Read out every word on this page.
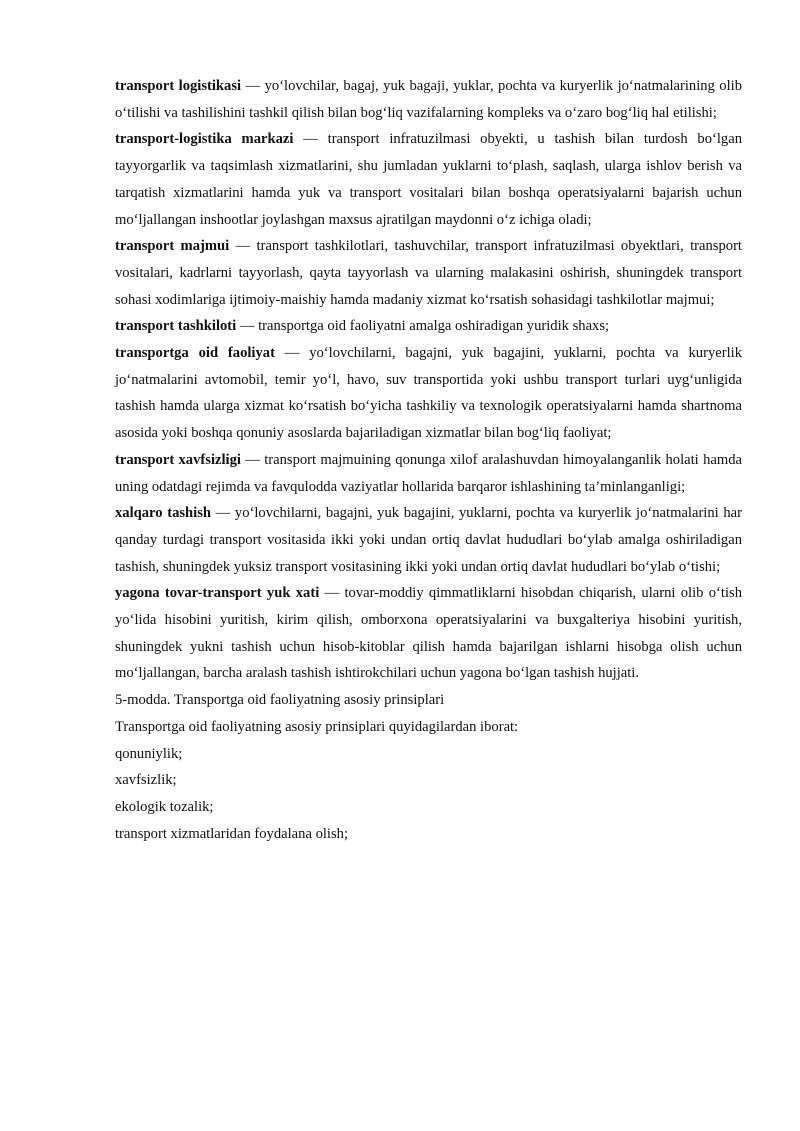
transport logistikasi — yo‘lovchilar, bagaj, yuk bagaji, yuklar, pochta va kuryerlik jo‘natmalarining olib o‘tilishi va tashilishini tashkil qilish bilan bog‘liq vazifalarning kompleks va o‘zaro bog‘liq hal etilishi;

transport-logistika markazi — transport infratuzilmasi obyekti, u tashish bilan turdosh bo‘lgan tayyorgarlik va taqsimlash xizmatlarini, shu jumladan yuklarni to‘plash, saqlash, ularga ishlov berish va tarqatish xizmatlarini hamda yuk va transport vositalari bilan boshqa operatsiyalarni bajarish uchun mo‘ljallangan inshootlar joylashgan maxsus ajratilgan maydonni o‘z ichiga oladi;

transport majmui — transport tashkilotlari, tashuvchilar, transport infratuzilmasi obyektlari, transport vositalari, kadrlarni tayyorlash, qayta tayyorlash va ularning malakasini oshirish, shuningdek transport sohasi xodimlariga ijtimoiy-maishiy hamda madaniy xizmat ko‘rsatish sohasidagi tashkilotlar majmui;

transport tashkiloti — transportga oid faoliyatni amalga oshiradigan yuridik shaxs;

transportga oid faoliyat — yo‘lovchilarni, bagajni, yuk bagajini, yuklarni, pochta va kuryerlik jo‘natmalarini avtomobil, temir yo‘l, havo, suv transportida yoki ushbu transport turlari uyg‘unligida tashish hamda ularga xizmat ko‘rsatish bo‘yicha tashkiliy va texnologik operatsiyalarni hamda shartnoma asosida yoki boshqa qonuniy asoslarda bajariladigan xizmatlar bilan bog‘liq faoliyat;

transport xavfsizligi — transport majmuining qonunga xilof aralashuvdan himoyalanganlik holati hamda uning odatdagi rejimda va favqulodda vaziyatlar hollarida barqaror ishlashining ta’minlanganligi;

xalqaro tashish — yo‘lovchilarni, bagajni, yuk bagajini, yuklarni, pochta va kuryerlik jo‘natmalarini har qanday turdagi transport vositasida ikki yoki undan ortiq davlat hududlari bo‘ylab amalga oshiriladigan tashish, shuningdek yuksiz transport vositasining ikki yoki undan ortiq davlat hududlari bo‘ylab o‘tishi;

yagona tovar-transport yuk xati — tovar-moddiy qimmatliklarni hisobdan chiqarish, ularni olib o‘tish yo‘lida hisobini yuritish, kirim qilish, omborxona operatsiyalarini va buxgalteriya hisobini yuritish, shuningdek yukni tashish uchun hisob-kitoblar qilish hamda bajarilgan ishlarni hisobga olish uchun mo‘ljallangan, barcha aralash tashish ishtirokchilari uchun yagona bo‘lgan tashish hujjati.

5-modda. Transportga oid faoliyatning asosiy prinsiplari

Transportga oid faoliyatning asosiy prinsiplari quyidagilardan iborat:

qonuniylik;

xavfsizlik;

ekologik tozalik;

transport xizmatlaridan foydalana olish;
